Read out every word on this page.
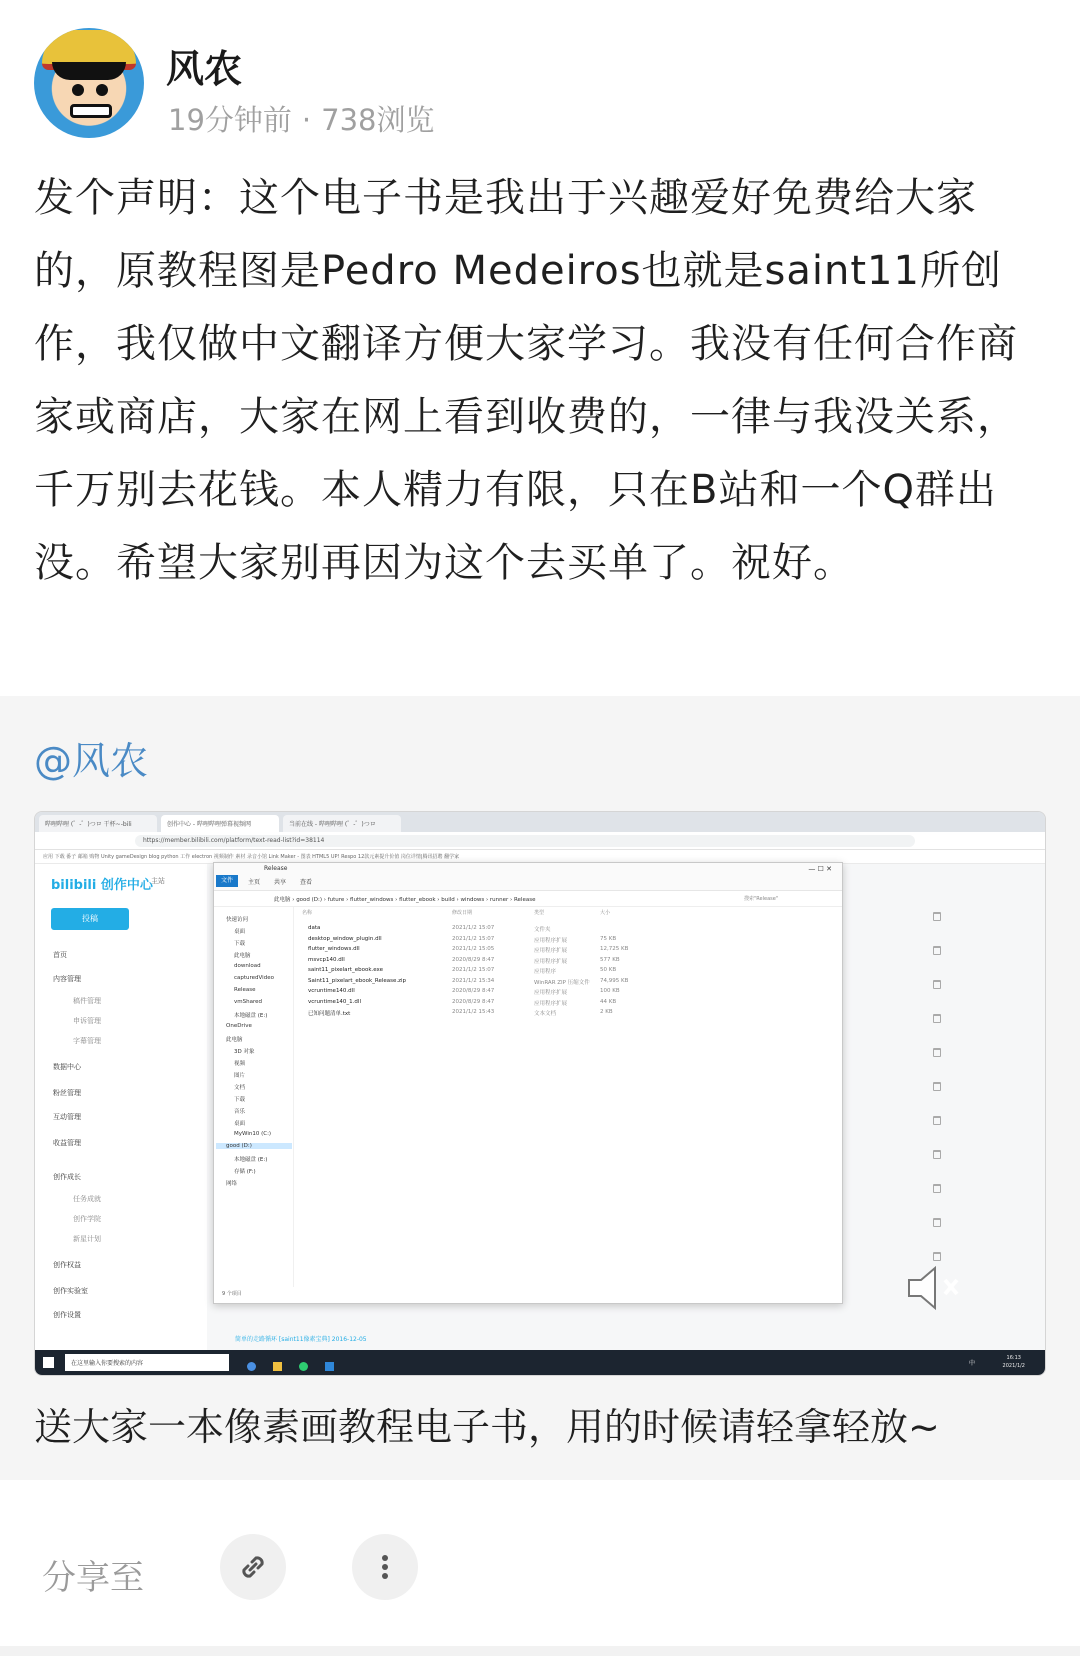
风农
19分钟前 · 738浏览
发个声明：这个电子书是我出于兴趣爱好免费给大家的，原教程图是Pedro Medeiros也就是saint11所创作，我仅做中文翻译方便大家学习。我没有任何合作商家或商店，大家在网上看到收费的，一律与我没关系，千万别去花钱。本人精力有限，只在B站和一个Q群出没。希望大家别再因为这个去买单了。祝好。
@风农
哔哩哔哩 (゜-゜)つロ 干杯~-bili	创作中心 - 哔哩哔哩弹幕视频网	当前在线 - 哔哩哔哩 (゜-゜)つロ
https://member.bilibili.com/platform/text-read-list?id=38114
应用 下载 番子 邮箱 购物 Unity gameDesign blog python 工作 electron 视频制作 素材 录音小馆 Link Maker - 图表 HTML5 UP! Respo 12款元素提升价值 岗位详情|腾讯招聘 翻学家
bilibili 创作中心
主站
投稿
首页
内容管理
稿件管理
申诉管理
字幕管理
数据中心
粉丝管理
互动管理
收益管理
创作成长
任务成就
创作学院
新星计划
创作权益
创作实验室
创作设置
Release
文件	主页 共享 查看
— ☐ ✕
此电脑 › good (D:) › future › flutter_windows › flutter_ebook › build › windows › runner › Release	搜索"Release"
快速访问
桌面
下载
此电脑
download
capturedVideo
Release
vmShared
本地磁盘 (E:)
OneDrive
此电脑
3D 对象
视频
图片
文档
下载
音乐
桌面
MyWin10 (C:)
good (D:)
本地磁盘 (E:)
存储 (F:)
网络
名称	修改日期	类型	大小
data	2021/1/2 15:07	文件夹
desktop_window_plugin.dll	2021/1/2 15:07	应用程序扩展	75 KB
flutter_windows.dll	2021/1/2 15:05	应用程序扩展	12,725 KB
msvcp140.dll	2020/8/29 8:47	应用程序扩展	577 KB
saint11_pixelart_ebook.exe	2021/1/2 15:07	应用程序	50 KB
Saint11_pixelart_ebook_Release.zip	2021/1/2 15:34	WinRAR ZIP 压缩文件 74,995 KB
vcruntime140.dll	2020/8/29 8:47	应用程序扩展	100 KB
vcruntime140_1.dll	2020/8/29 8:47	应用程序扩展	44 KB
已知问题清单.txt	2021/1/2 15:43	文本文档	2 KB
9 个项目
简单的走路循环 [saint11像素宝典] 2016-12-05
在这里输入你要搜索的内容
	中
16:13
2021/1/2
送大家一本像素画教程电子书，用的时候请轻拿轻放~
分享至
